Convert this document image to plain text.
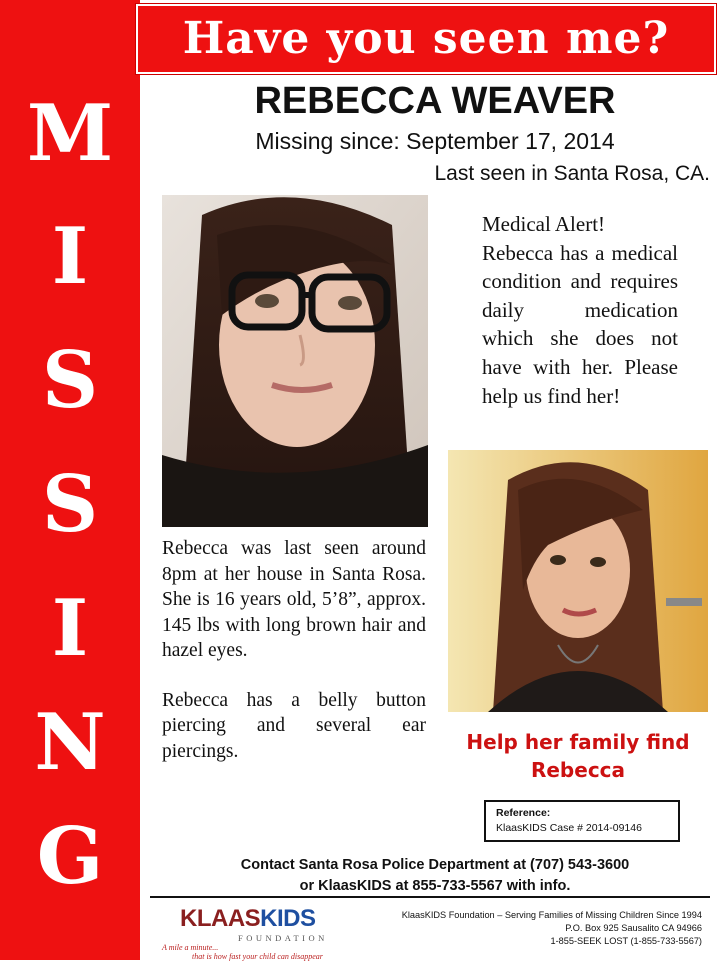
M
I
S
S
I
N
G
Have you seen me?
REBECCA WEAVER
Missing since: September 17, 2014
Last seen in Santa Rosa, CA.

Medical Alert!

Rebecca has a medical condition and requires daily medication which she does not have with her. Please help us find her!

Rebecca was last seen around 8pm at her house in Santa Rosa. She is 16 years old, 5’8”, approx. 145 lbs with long brown hair and hazel eyes.

Rebecca has a belly button piercing and several ear piercings.	Help her family find
Rebecca
Reference:
KlaasKIDS Case # 2014-09146
Contact Santa Rosa Police Department at (707) 543-3600
or KlaasKIDS at 855-733-5567 with info.
KLAASKIDS
FOUNDATION
A mile a minute...
that is how fast your child can disappear
KlaasKIDS Foundation – Serving Families of Missing Children Since 1994
P.O. Box 925 Sausalito CA 94966
1-855-SEEK LOST (1-855-733-5567)
